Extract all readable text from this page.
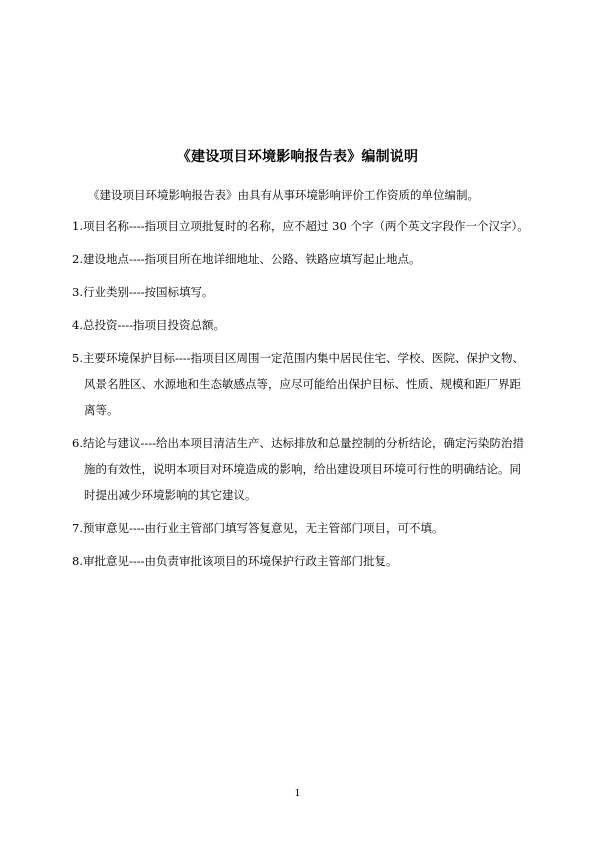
《建设项目环境影响报告表》编制说明
《建设项目环境影响报告表》由具有从事环境影响评价工作资质的单位编制。
1.项目名称----指项目立项批复时的名称，应不超过 30 个字（两个英文字段作一个汉字）。
2.建设地点----指项目所在地详细地址、公路、铁路应填写起止地点。
3.行业类别----按国标填写。
4.总投资----指项目投资总额。
5.主要环境保护目标----指项目区周围一定范围内集中居民住宅、学校、医院、保护文物、
风景名胜区、水源地和生态敏感点等，应尽可能给出保护目标、性质、规模和距厂界距
离等。
6.结论与建议----给出本项目清洁生产、达标排放和总量控制的分析结论，确定污染防治措
施的有效性，说明本项目对环境造成的影响，给出建设项目环境可行性的明确结论。同
时提出减少环境影响的其它建议。
7.预审意见----由行业主管部门填写答复意见，无主管部门项目，可不填。
8.审批意见----由负责审批该项目的环境保护行政主管部门批复。
1
